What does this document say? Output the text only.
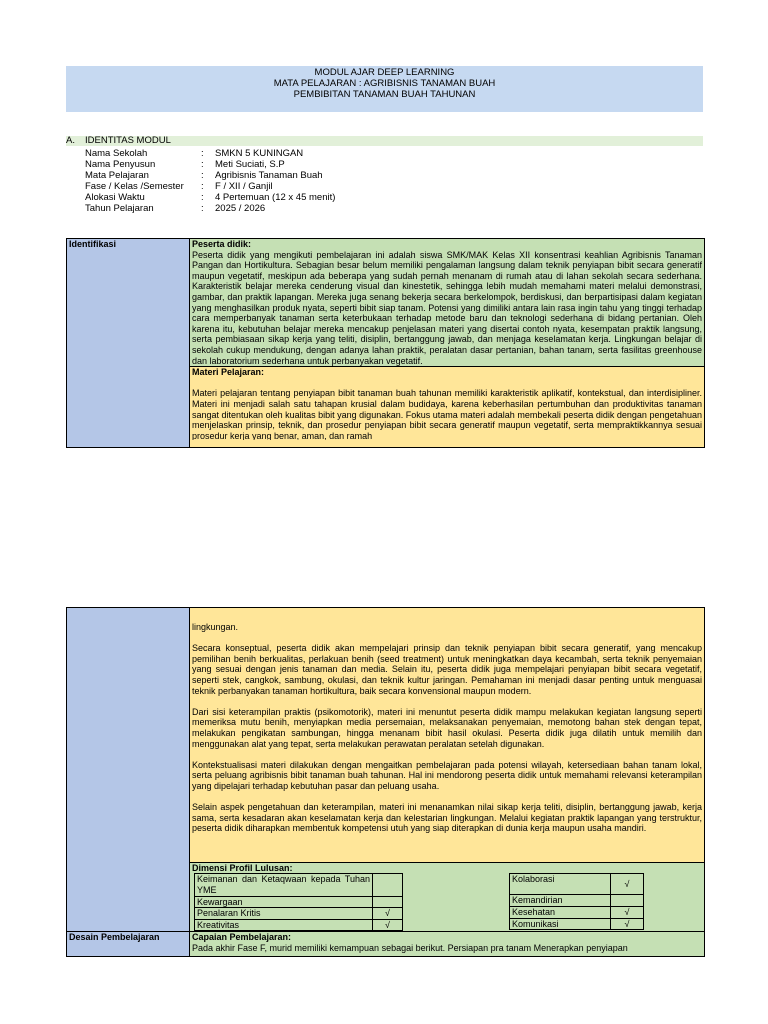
MODUL AJAR DEEP LEARNING
MATA PELAJARAN : AGRIBISNIS TANAMAN BUAH
PEMBIBITAN TANAMAN BUAH TAHUNAN
A. IDENTITAS MODUL
Nama Sekolah	: SMKN 5 KUNINGAN
Nama Penyusun	: Meti Suciati, S.P
Mata Pelajaran	: Agribisnis Tanaman Buah
Fase / Kelas /Semester : F / XII / Ganjil
Alokasi Waktu	: 4 Pertemuan (12 x 45 menit)
Tahun Pelajaran	: 2025 / 2026
Identifikasi	Peserta didik:

Peserta didik yang mengikuti pembelajaran ini adalah siswa SMK/MAK Kelas XII konsentrasi keahlian Agribisnis Tanaman Pangan dan Hortikultura. Sebagian besar belum memiliki pengalaman langsung dalam teknik penyiapan bibit secara generatif maupun vegetatif, meskipun ada beberapa yang sudah pernah menanam di rumah atau di lahan sekolah secara sederhana. Karakteristik belajar mereka cenderung visual dan kinestetik, sehingga lebih mudah memahami materi melalui demonstrasi, gambar, dan praktik lapangan. Mereka juga senang bekerja secara berkelompok, berdiskusi, dan berpartisipasi dalam kegiatan yang menghasilkan produk nyata, seperti bibit siap tanam. Potensi yang dimiliki antara lain rasa ingin tahu yang tinggi terhadap cara memperbanyak tanaman serta keterbukaan terhadap metode baru dan teknologi sederhana di bidang pertanian. Oleh karena itu, kebutuhan belajar mereka mencakup penjelasan materi yang disertai contoh nyata, kesempatan praktik langsung, serta pembiasaan sikap kerja yang teliti, disiplin, bertanggung jawab, dan menjaga keselamatan kerja. Lingkungan belajar di sekolah cukup mendukung, dengan adanya lahan praktik, peralatan dasar pertanian, bahan tanam, serta fasilitas greenhouse dan laboratorium sederhana untuk perbanyakan vegetatif.

Materi Pelajaran:

Materi pelajaran tentang penyiapan bibit tanaman buah tahunan memiliki karakteristik aplikatif, kontekstual, dan interdisipliner. Materi ini menjadi salah satu tahapan krusial dalam budidaya, karena keberhasilan pertumbuhan dan produktivitas tanaman sangat ditentukan oleh kualitas bibit yang digunakan. Fokus utama materi adalah membekali peserta didik dengan pengetahuan menjelaskan prinsip, teknik, dan prosedur penyiapan bibit secara generatif maupun vegetatif, serta mempraktikkannya sesuai prosedur kerja yang benar, aman, dan ramah

lingkungan.

Secara konseptual, peserta didik akan mempelajari prinsip dan teknik penyiapan bibit secara generatif, yang mencakup pemilihan benih berkualitas, perlakuan benih (seed treatment) untuk meningkatkan daya kecambah, serta teknik penyemaian yang sesuai dengan jenis tanaman dan media. Selain itu, peserta didik juga mempelajari penyiapan bibit secara vegetatif, seperti stek, cangkok, sambung, okulasi, dan teknik kultur jaringan. Pemahaman ini menjadi dasar penting untuk menguasai teknik perbanyakan tanaman hortikultura, baik secara konvensional maupun modern.

Dari sisi keterampilan praktis (psikomotorik), materi ini menuntut peserta didik mampu melakukan kegiatan langsung seperti memeriksa mutu benih, menyiapkan media persemaian, melaksanakan penyemaian, memotong bahan stek dengan tepat, melakukan pengikatan sambungan, hingga menanam bibit hasil okulasi. Peserta didik juga dilatih untuk memilih dan menggunakan alat yang tepat, serta melakukan perawatan peralatan setelah digunakan.

Kontekstualisasi materi dilakukan dengan mengaitkan pembelajaran pada potensi wilayah, ketersediaan bahan tanam lokal, serta peluang agribisnis bibit tanaman buah tahunan. Hal ini mendorong peserta didik untuk memahami relevansi keterampilan yang dipelajari terhadap kebutuhan pasar dan peluang usaha.

Selain aspek pengetahuan dan keterampilan, materi ini menanamkan nilai sikap kerja teliti, disiplin, bertanggung jawab, kerja sama, serta kesadaran akan keselamatan kerja dan kelestarian lingkungan. Melalui kegiatan praktik lapangan yang terstruktur, peserta didik diharapkan membentuk kompetensi utuh yang siap diterapkan di dunia kerja maupun usaha mandiri.

Dimensi Profil Lulusan:
Keimanan dan Ketaqwaan kepada Tuhan YME	
Kewargaan	
Penalaran Kritis	√
Kreativitas	√
Kolaborasi	√
Kemandirian	
Kesehatan	√
Komunikasi	√

Desain Pembelajaran	Capaian Pembelajaran:

Pada akhir Fase F, murid memiliki kemampuan sebagai berikut. Persiapan pra tanam Menerapkan penyiapan
